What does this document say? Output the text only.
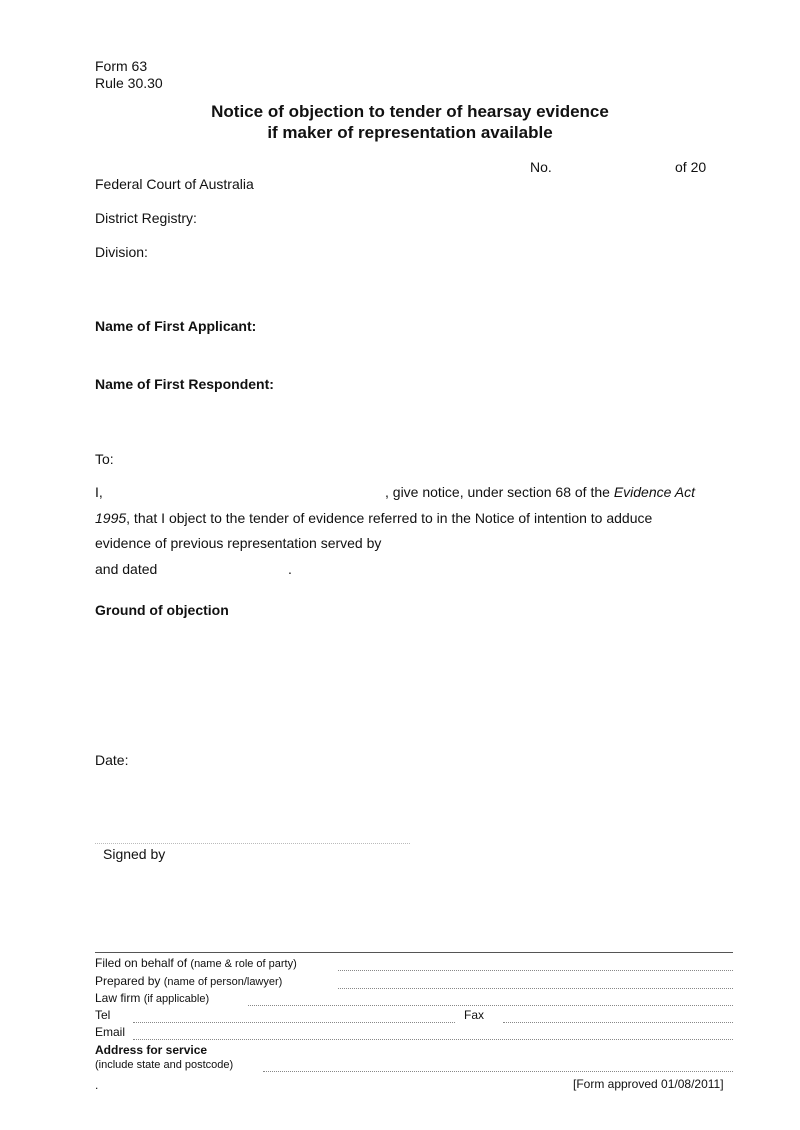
Form 63
Rule 30.30
Notice of objection to tender of hearsay evidence
if maker of representation available
No.	of 20
Federal Court of Australia
District Registry:
Division:
Name of First Applicant:
Name of First Respondent:
To:
I,	, give notice, under section 68 of the Evidence Act
1995, that I object to the tender of evidence referred to in the Notice of intention to adduce
evidence of previous representation served by
and dated	.
Ground of objection
Date:
Signed by
Filed on behalf of (name & role of party)
Prepared by (name of person/lawyer)
Law firm (if applicable)
Tel	Fax
Email
Address for service
(include state and postcode)
.	[Form approved 01/08/2011]
